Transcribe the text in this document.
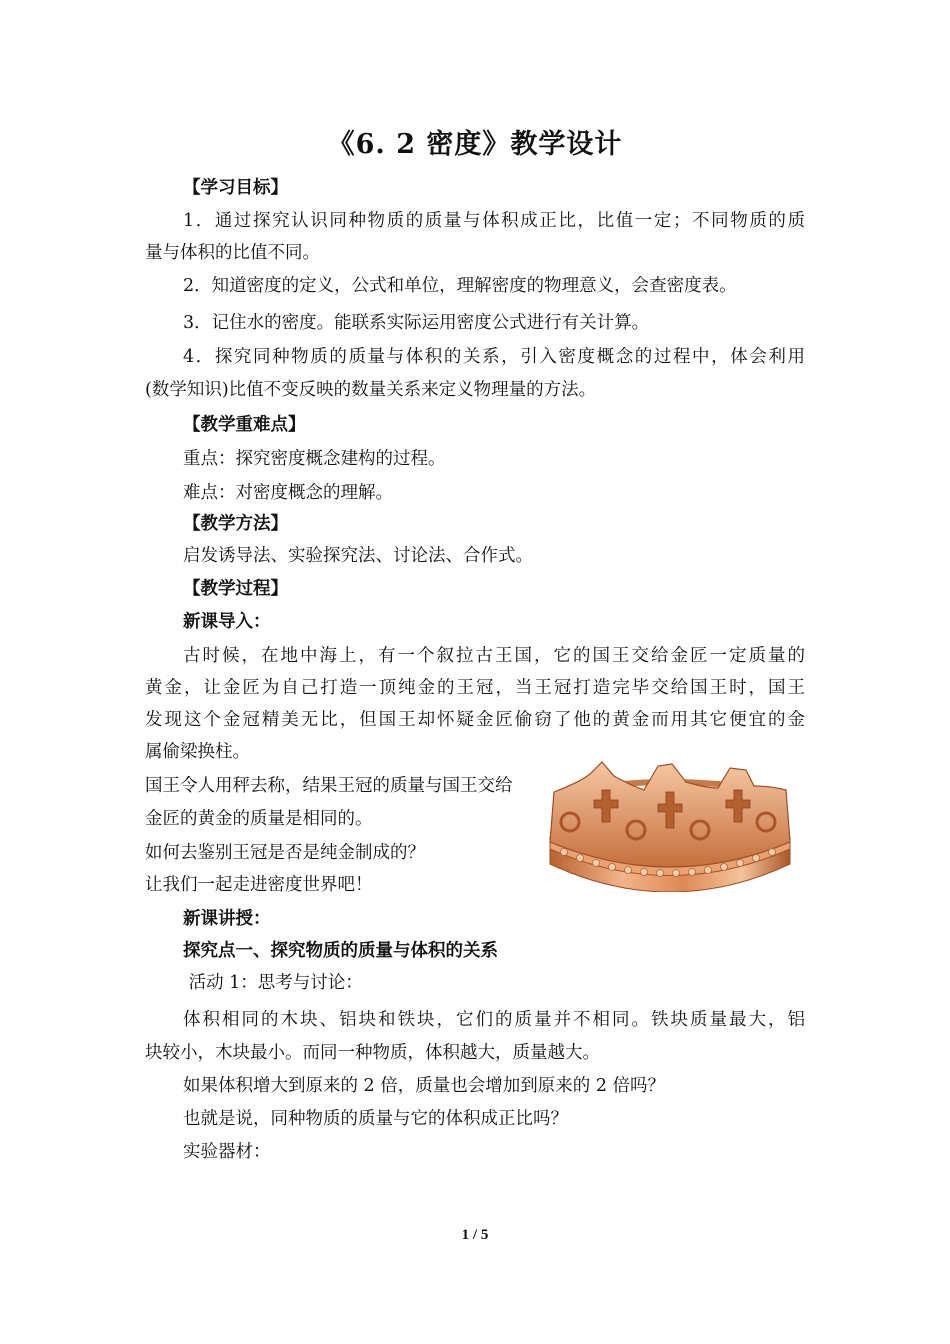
《6. 2 密度》教学设计
【学习目标】
1．通过探究认识同种物质的质量与体积成正比，比值一定；不同物质的质
量与体积的比值不同。
2．知道密度的定义，公式和单位，理解密度的物理意义，会查密度表。
3．记住水的密度。能联系实际运用密度公式进行有关计算。
4．探究同种物质的质量与体积的关系，引入密度概念的过程中，体会利用
(数学知识)比值不变反映的数量关系来定义物理量的方法。
【教学重难点】
重点：探究密度概念建构的过程。
难点：对密度概念的理解。
【教学方法】
启发诱导法、实验探究法、讨论法、合作式。
【教学过程】
新课导入：
古时候，在地中海上，有一个叙拉古王国，它的国王交给金匠一定质量的
黄金，让金匠为自己打造一顶纯金的王冠，当王冠打造完毕交给国王时，国王
发现这个金冠精美无比，但国王却怀疑金匠偷窃了他的黄金而用其它便宜的金
属偷梁换柱。
国王令人用秤去称，结果王冠的质量与国王交给
金匠的黄金的质量是相同的。
如何去鉴别王冠是否是纯金制成的？
让我们一起走进密度世界吧！
新课讲授：
探究点一、探究物质的质量与体积的关系
活动 1：思考与讨论：
体积相同的木块、铝块和铁块，它们的质量并不相同。铁块质量最大，铝
块较小，木块最小。而同一种物质，体积越大，质量越大。
如果体积增大到原来的 2 倍，质量也会增加到原来的 2 倍吗？
也就是说，同种物质的质量与它的体积成正比吗？
实验器材：
1 / 5
